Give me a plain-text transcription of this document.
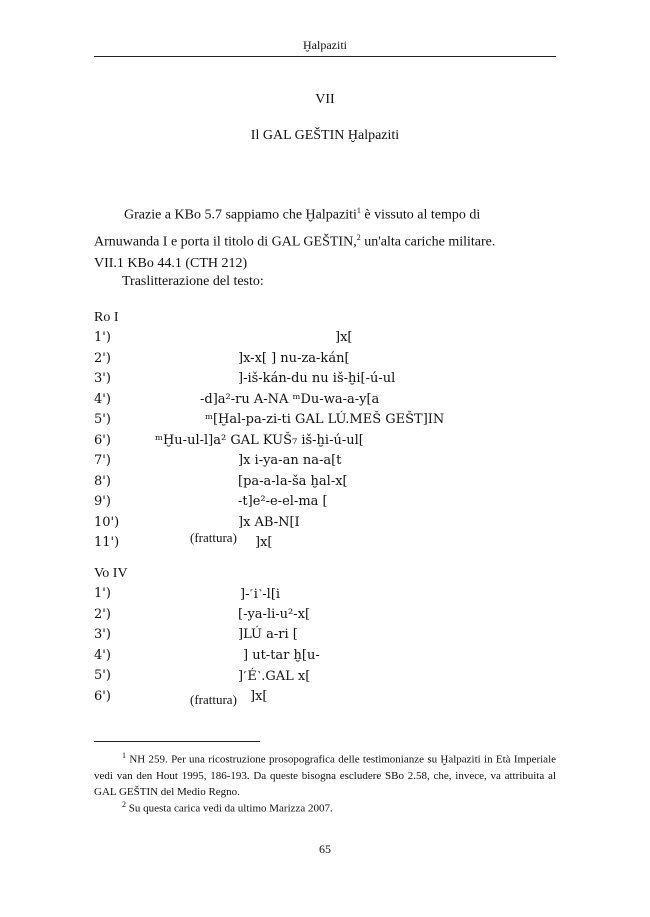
Ḫalpaziti
VII
Il GAL GEŠTIN Ḫalpaziti
Grazie a KBo 5.7 sappiamo che Ḫalpaziti$^1$ è vissuto al tempo di
Arnuwanda I e porta il titolo di GAL GEŠTIN,$^2$ un'alta cariche militare.
VII.1 KBo 44.1 (CTH 212)
Traslitterazione del testo:
Ro I
1')	]x[
2')	]x-x[ ] nu-za-kán[
3')	]-iš-kán-du nu iš-ḫi[-ú-ul
4')	-d]a²-ru A-NA ᵐDu-wa-a-y[a
5')	ᵐ[Ḫal-pa-zi-ti GAL LÚ.MEŠ GEŠT]IN
6')	ᵐḪu-ul-l]a² GAL KUŠ₇ iš-ḫi-ú-ul[
7')	]x i-ya-an na-a[t
8')	[pa-a-la-ša ḫal-x[
9')	-t]e²-e-el-ma [
10')	]x AB-N[I
11')	]x[
(frattura)
Vo IV
1')	]-˹i˺-l[i
2')	[-ya-li-u²-x[
3')	]LÚ a-ri [
4')	] ut-tar ḫ[u-
5')	]˹É˺.GAL x[
6')	]x[
(frattura)
$^1$ NH 259. Per una ricostruzione prosopografica delle testimonianze su Ḫalpaziti in Età Imperiale vedi van den Hout 1995, 186-193. Da queste bisogna escludere SBo 2.58, che, invece, va attribuita al GAL GEŠTIN del Medio Regno.
$^2$ Su questa carica vedi da ultimo Marizza 2007.
65
